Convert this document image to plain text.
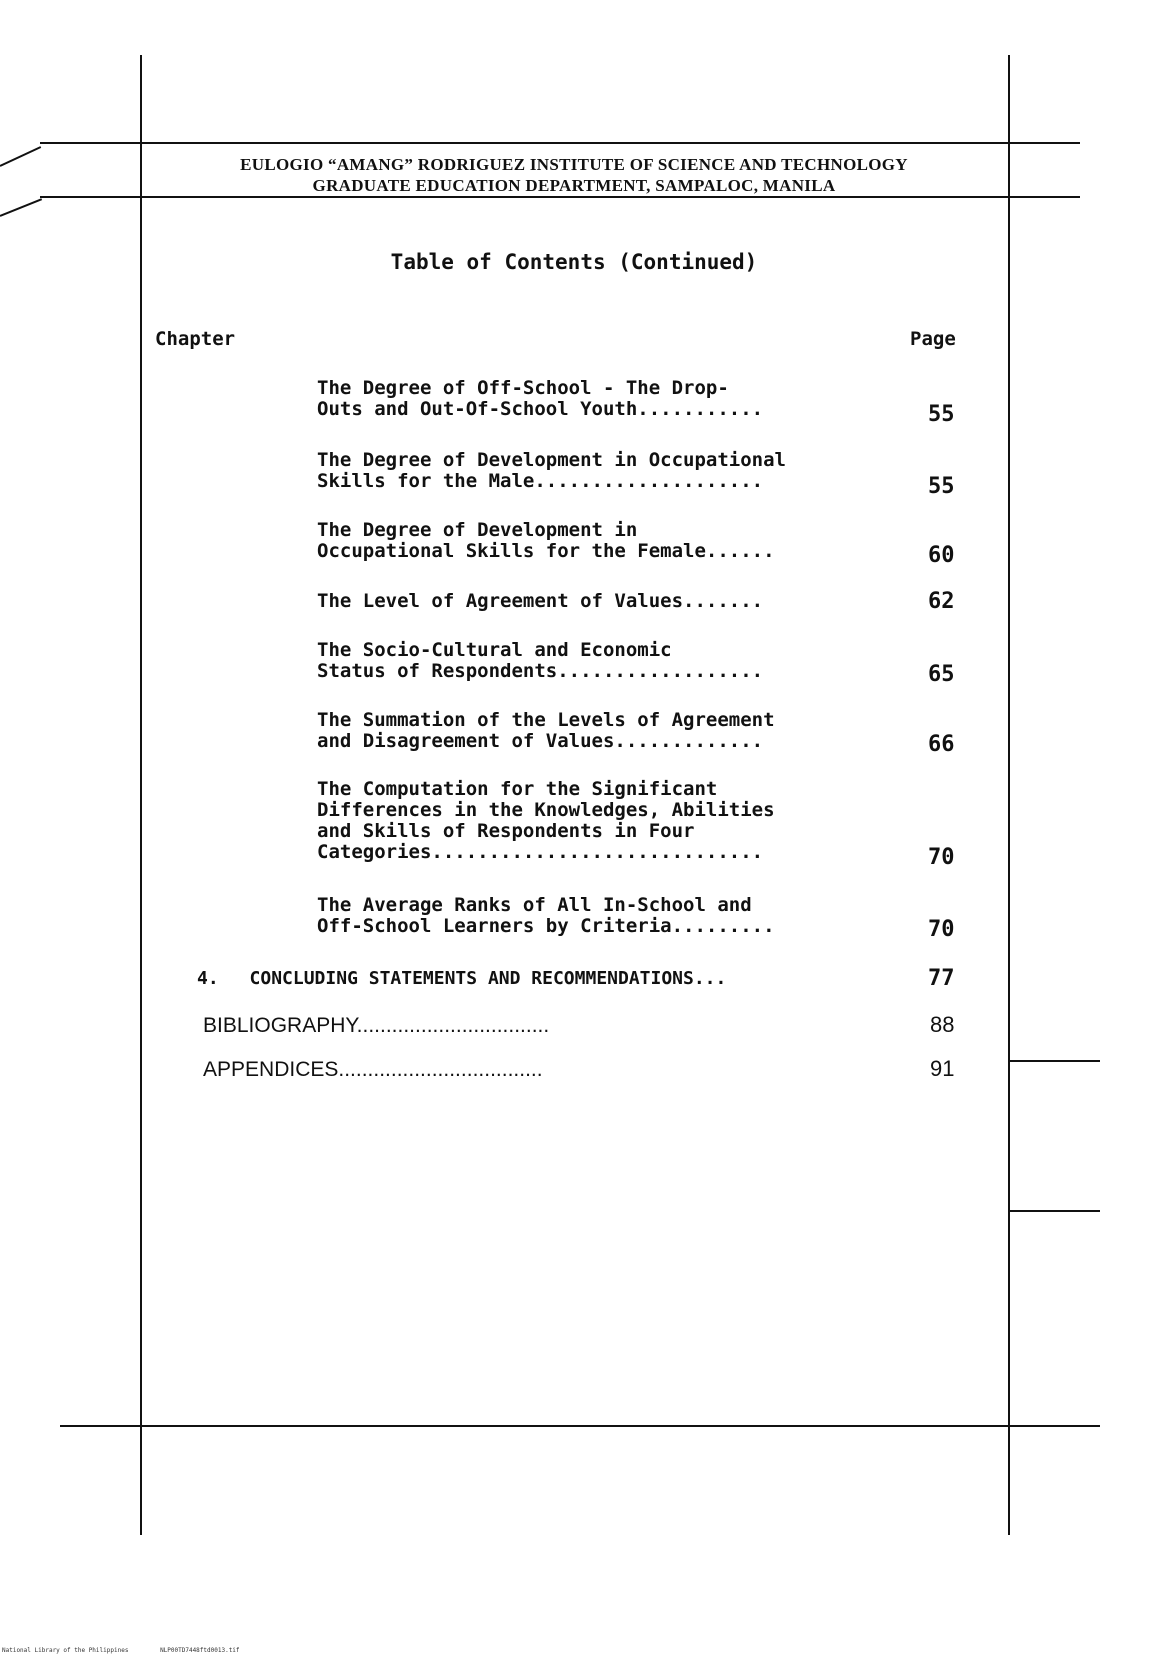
EULOGIO “AMANG” RODRIGUEZ INSTITUTE OF SCIENCE AND TECHNOLOGY
GRADUATE EDUCATION DEPARTMENT, SAMPALOC, MANILA
Table of Contents (Continued)
Chapter	Page
The Degree of Off-School - The Drop-
Outs and Out-Of-School Youth...........	55
The Degree of Development in Occupational
Skills for the Male....................	55
The Degree of Development in
Occupational Skills for the Female......	60
The Level of Agreement of Values.......	62
The Socio-Cultural and Economic
Status of Respondents..................	65
The Summation of the Levels of Agreement
and Disagreement of Values.............	66
The Computation for the Significant
Differences in the Knowledges, Abilities
and Skills of Respondents in Four
Categories.............................	70
The Average Ranks of All In-School and
Off-School Learners by Criteria.........	70
4. CONCLUDING STATEMENTS AND RECOMMENDATIONS...	77
BIBLIOGRAPHY.................................	88
APPENDICES...................................	91
National Library of the Philippines	NLP00TD7448ftd0013.tif
